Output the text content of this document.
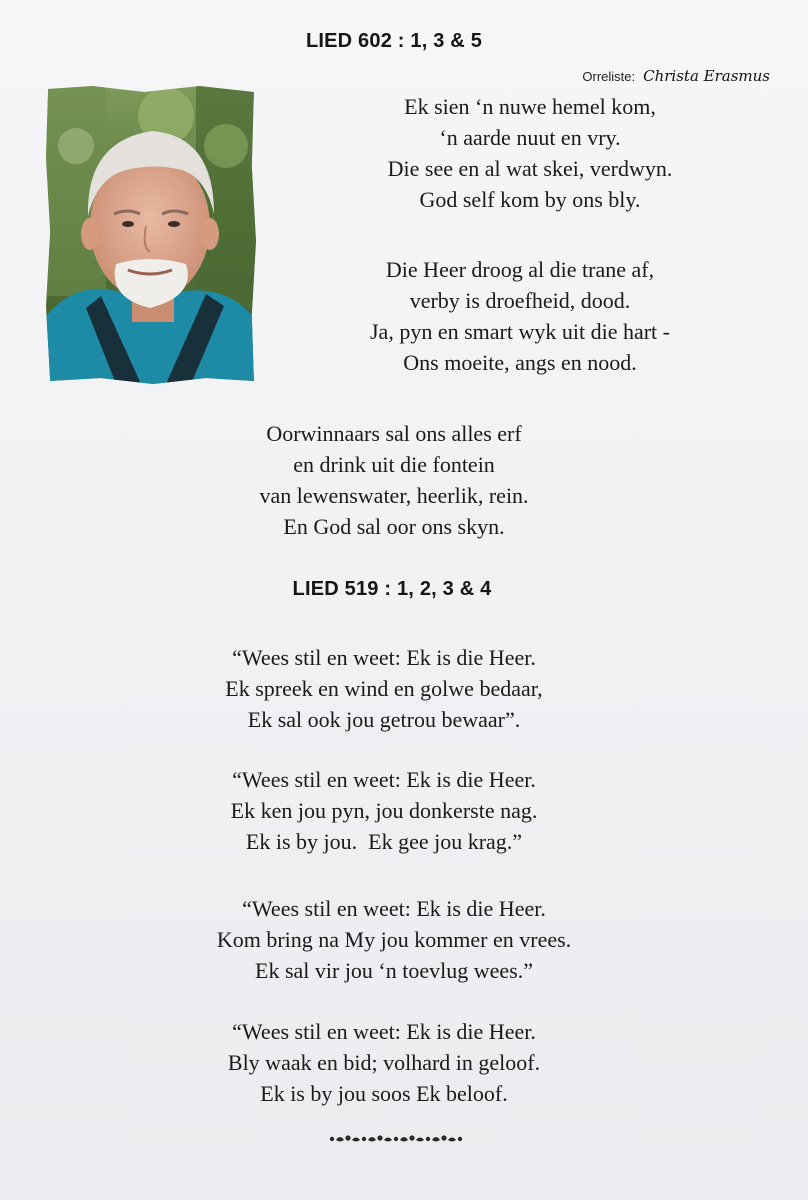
LIED 602 : 1, 3 & 5
Orreliste: Christa Erasmus

Ek sien ‘n nuwe hemel kom,
‘n aarde nuut en vry.
Die see en al wat skei, verdwyn.
God self kom by ons bly.

Die Heer droog al die trane af,
verby is droefheid, dood.
Ja, pyn en smart wyk uit die hart -
Ons moeite, angs en nood.

Oorwinnaars sal ons alles erf
en drink uit die fontein
van lewenswater, heerlik, rein.
En God sal oor ons skyn.

LIED 519 : 1, 2, 3 & 4

“Wees stil en weet: Ek is die Heer.
Ek spreek en wind en golwe bedaar,
Ek sal ook jou getrou bewaar”.

“Wees stil en weet: Ek is die Heer.
Ek ken jou pyn, jou donkerste nag.
Ek is by jou.  Ek gee jou krag.”

“Wees stil en weet: Ek is die Heer.
Kom bring na My jou kommer en vrees.
Ek sal vir jou ‘n toevlug wees.”

“Wees stil en weet: Ek is die Heer.
Bly waak en bid; volhard in geloof.
Ek is by jou soos Ek beloof.
